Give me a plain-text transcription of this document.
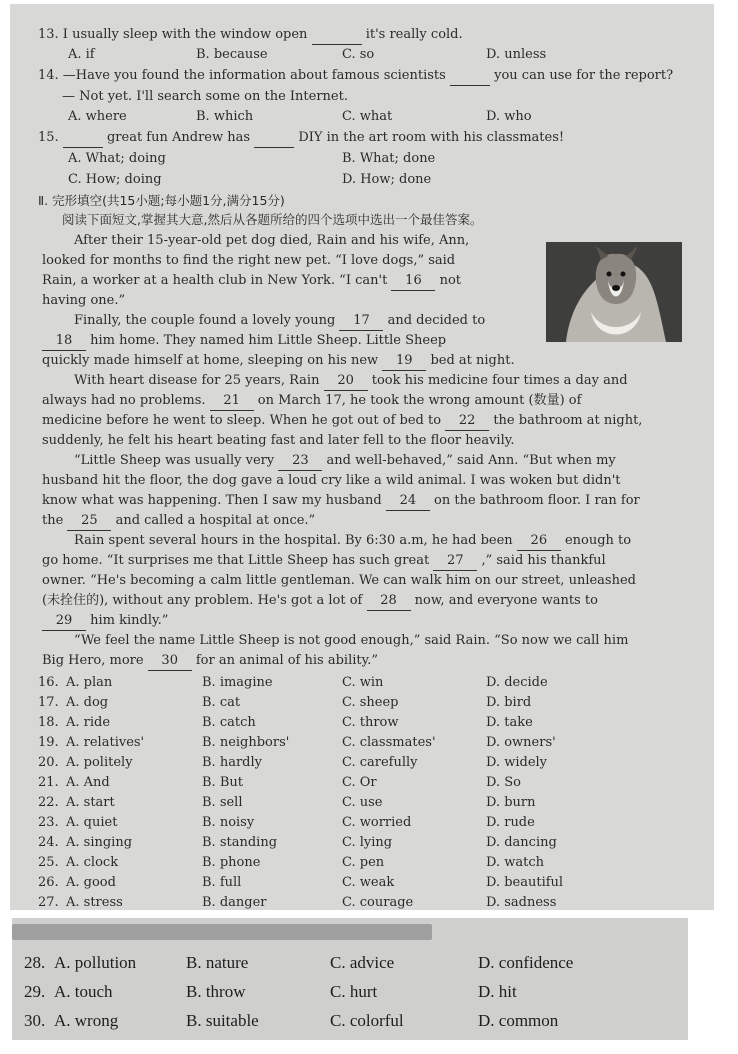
13. I usually sleep with the window open	it's really cold.
A. if	B. because	C. so	D. unless
14. —Have you found the information about famous scientists	you can use for the report?
— Not yet. I'll search some on the Internet.
A. where	B. which	C. what	D. who
15.	great fun Andrew has	DIY in the art room with his classmates!
A. What; doing	B. What; done
C. How; doing	D. How; done
Ⅱ. 完形填空(共15小题;每小题1分,满分15分)
阅读下面短文,掌握其大意,然后从各题所给的四个选项中选出一个最佳答案。
After their 15-year-old pet dog died, Rain and his wife, Ann,
looked for months to find the right new pet. “I love dogs,” said
Rain, a worker at a health club in New York. “I can't 16 not
having one.”
Finally, the couple found a lovely young 17 and decided to
18 him home. They named him Little Sheep. Little Sheep
quickly made himself at home, sleeping on his new 19 bed at night.
With heart disease for 25 years, Rain 20 took his medicine four times a day and
always had no problems. 21 on March 17, he took the wrong amount (数量) of
medicine before he went to sleep. When he got out of bed to 22 the bathroom at night,
suddenly, he felt his heart beating fast and later fell to the floor heavily.
“Little Sheep was usually very 23 and well-behaved,” said Ann. “But when my
husband hit the floor, the dog gave a loud cry like a wild animal. I was woken but didn't
know what was happening. Then I saw my husband 24 on the bathroom floor. I ran for
the 25 and called a hospital at once.”
Rain spent several hours in the hospital. By 6:30 a.m, he had been 26 enough to
go home. “It surprises me that Little Sheep has such great 27 ,” said his thankful
owner. “He's becoming a calm little gentleman. We can walk him on our street, unleashed
(未拴住的), without any problem. He's got a lot of 28 now, and everyone wants to
29 him kindly.”
“We feel the name Little Sheep is not good enough,” said Rain. “So now we call him
Big Hero, more 30 for an animal of his ability.”
16. A. plan	B. imagine	C. win	D. decide
17. A. dog	B. cat	C. sheep	D. bird
18. A. ride	B. catch	C. throw	D. take
19. A. relatives'	B. neighbors'	C. classmates'	D. owners'
20. A. politely	B. hardly	C. carefully	D. widely
21. A. And	B. But	C. Or	D. So
22. A. start	B. sell	C. use	D. burn
23. A. quiet	B. noisy	C. worried	D. rude
24. A. singing	B. standing	C. lying	D. dancing
25. A. clock	B. phone	C. pen	D. watch
26. A. good	B. full	C. weak	D. beautiful
27. A. stress	B. danger	C. courage	D. sadness
28. A. pollution	B. nature	C. advice	D. confidence
29. A. touch	B. throw	C. hurt	D. hit
30. A. wrong	B. suitable	C. colorful	D. common
